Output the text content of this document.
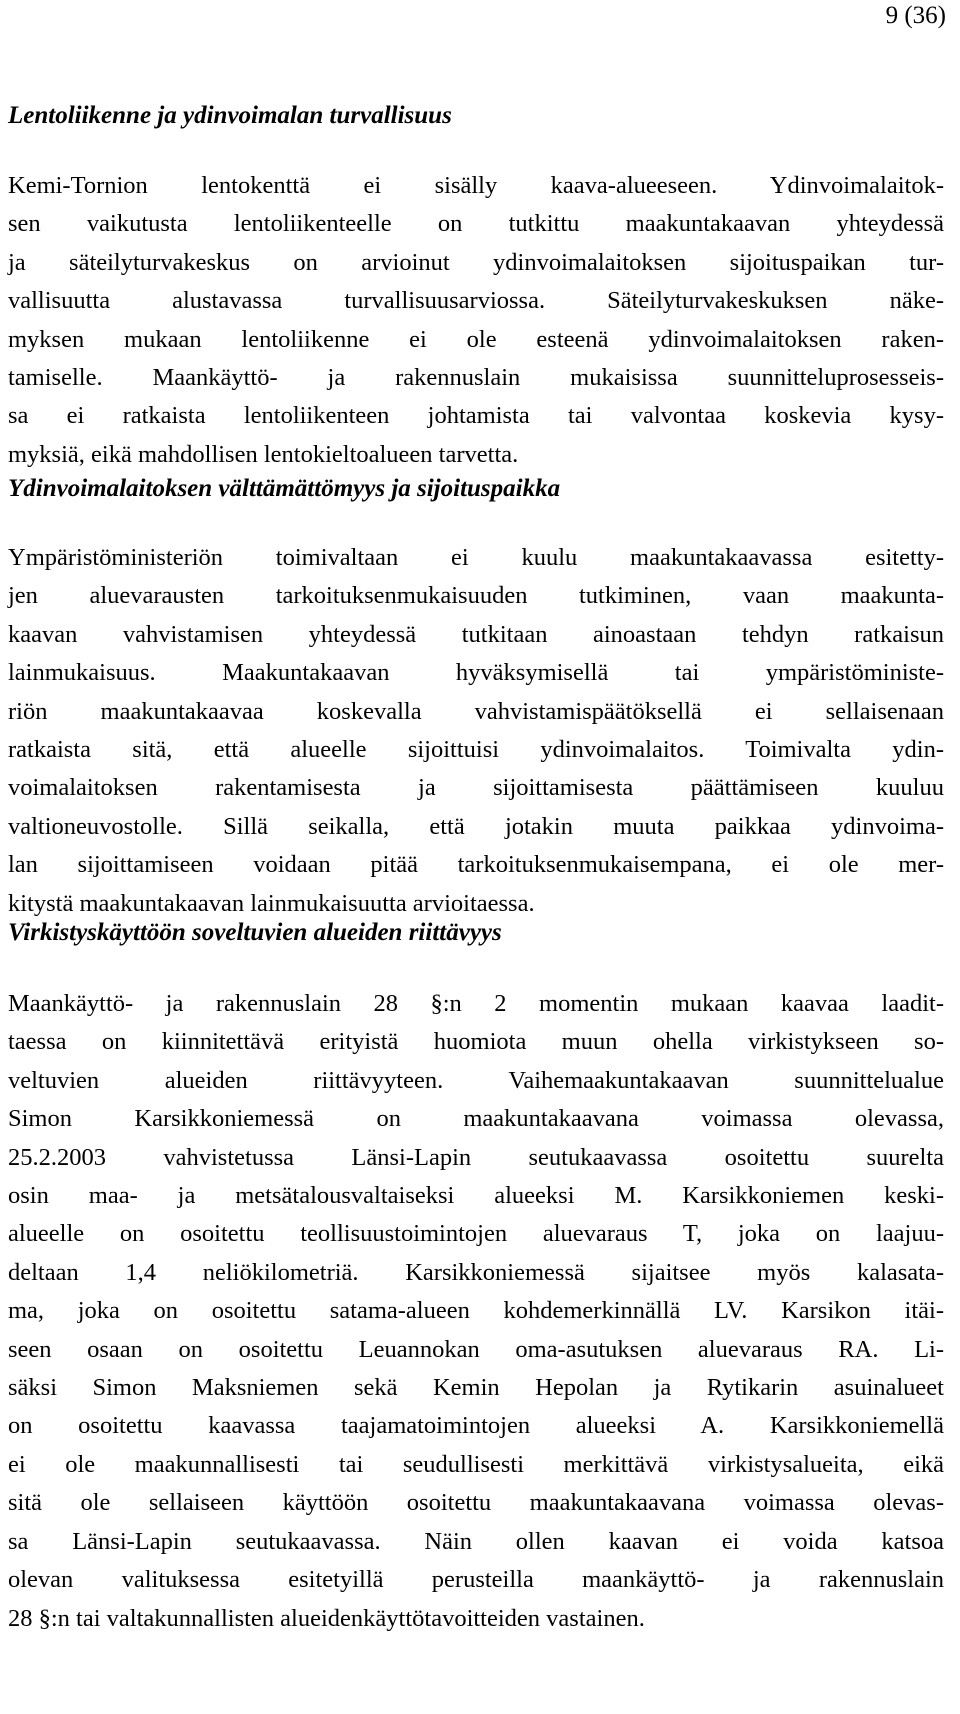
9 (36)
Lentoliikenne ja ydinvoimalan turvallisuus
Kemi-Tornion lentokenttä ei sisälly kaava-alueeseen. Ydinvoimalaitok-
sen vaikutusta lentoliikenteelle on tutkittu maakuntakaavan yhteydessä
ja säteilyturvakeskus on arvioinut ydinvoimalaitoksen sijoituspaikan tur-
vallisuutta alustavassa turvallisuusarviossa. Säteilyturvakeskuksen näke-
myksen mukaan lentoliikenne ei ole esteenä ydinvoimalaitoksen raken-
tamiselle. Maankäyttö- ja rakennuslain mukaisissa suunnitteluprosesseis-
sa ei ratkaista lentoliikenteen johtamista tai valvontaa koskevia kysy-
myksiä, eikä mahdollisen lentokieltoalueen tarvetta.
Ydinvoimalaitoksen välttämättömyys ja sijoituspaikka
Ympäristöministeriön toimivaltaan ei kuulu maakuntakaavassa esitetty-
jen aluevarausten tarkoituksenmukaisuuden tutkiminen, vaan maakunta-
kaavan vahvistamisen yhteydessä tutkitaan ainoastaan tehdyn ratkaisun
lainmukaisuus. Maakuntakaavan hyväksymisellä tai ympäristöministe-
riön maakuntakaavaa koskevalla vahvistamispäätöksellä ei sellaisenaan
ratkaista sitä, että alueelle sijoittuisi ydinvoimalaitos. Toimivalta ydin-
voimalaitoksen rakentamisesta ja sijoittamisesta päättämiseen kuuluu
valtioneuvostolle. Sillä seikalla, että jotakin muuta paikkaa ydinvoima-
lan sijoittamiseen voidaan pitää tarkoituksenmukaisempana, ei ole mer-
kitystä maakuntakaavan lainmukaisuutta arvioitaessa.
Virkistyskäyttöön soveltuvien alueiden riittävyys
Maankäyttö- ja rakennuslain 28 §:n 2 momentin mukaan kaavaa laadit-
taessa on kiinnitettävä erityistä huomiota muun ohella virkistykseen so-
veltuvien alueiden riittävyyteen. Vaihemaakuntakaavan suunnittelualue
Simon Karsikkoniemessä on maakuntakaavana voimassa olevassa,
25.2.2003 vahvistetussa Länsi-Lapin seutukaavassa osoitettu suurelta
osin maa- ja metsätalousvaltaiseksi alueeksi M. Karsikkoniemen keski-
alueelle on osoitettu teollisuustoimintojen aluevaraus T, joka on laajuu-
deltaan 1,4 neliökilometriä. Karsikkoniemessä sijaitsee myös kalasata-
ma, joka on osoitettu satama-alueen kohdemerkinnällä LV. Karsikon itäi-
seen osaan on osoitettu Leuannokan oma-asutuksen aluevaraus RA. Li-
säksi Simon Maksniemen sekä Kemin Hepolan ja Rytikarin asuinalueet
on osoitettu kaavassa taajamatoimintojen alueeksi A. Karsikkoniemellä
ei ole maakunnallisesti tai seudullisesti merkittävä virkistysalueita, eikä
sitä ole sellaiseen käyttöön osoitettu maakuntakaavana voimassa olevas-
sa Länsi-Lapin seutukaavassa. Näin ollen kaavan ei voida katsoa
olevan valituksessa esitetyillä perusteilla maankäyttö- ja rakennuslain
28 §:n tai valtakunnallisten alueidenkäyttötavoitteiden vastainen.
